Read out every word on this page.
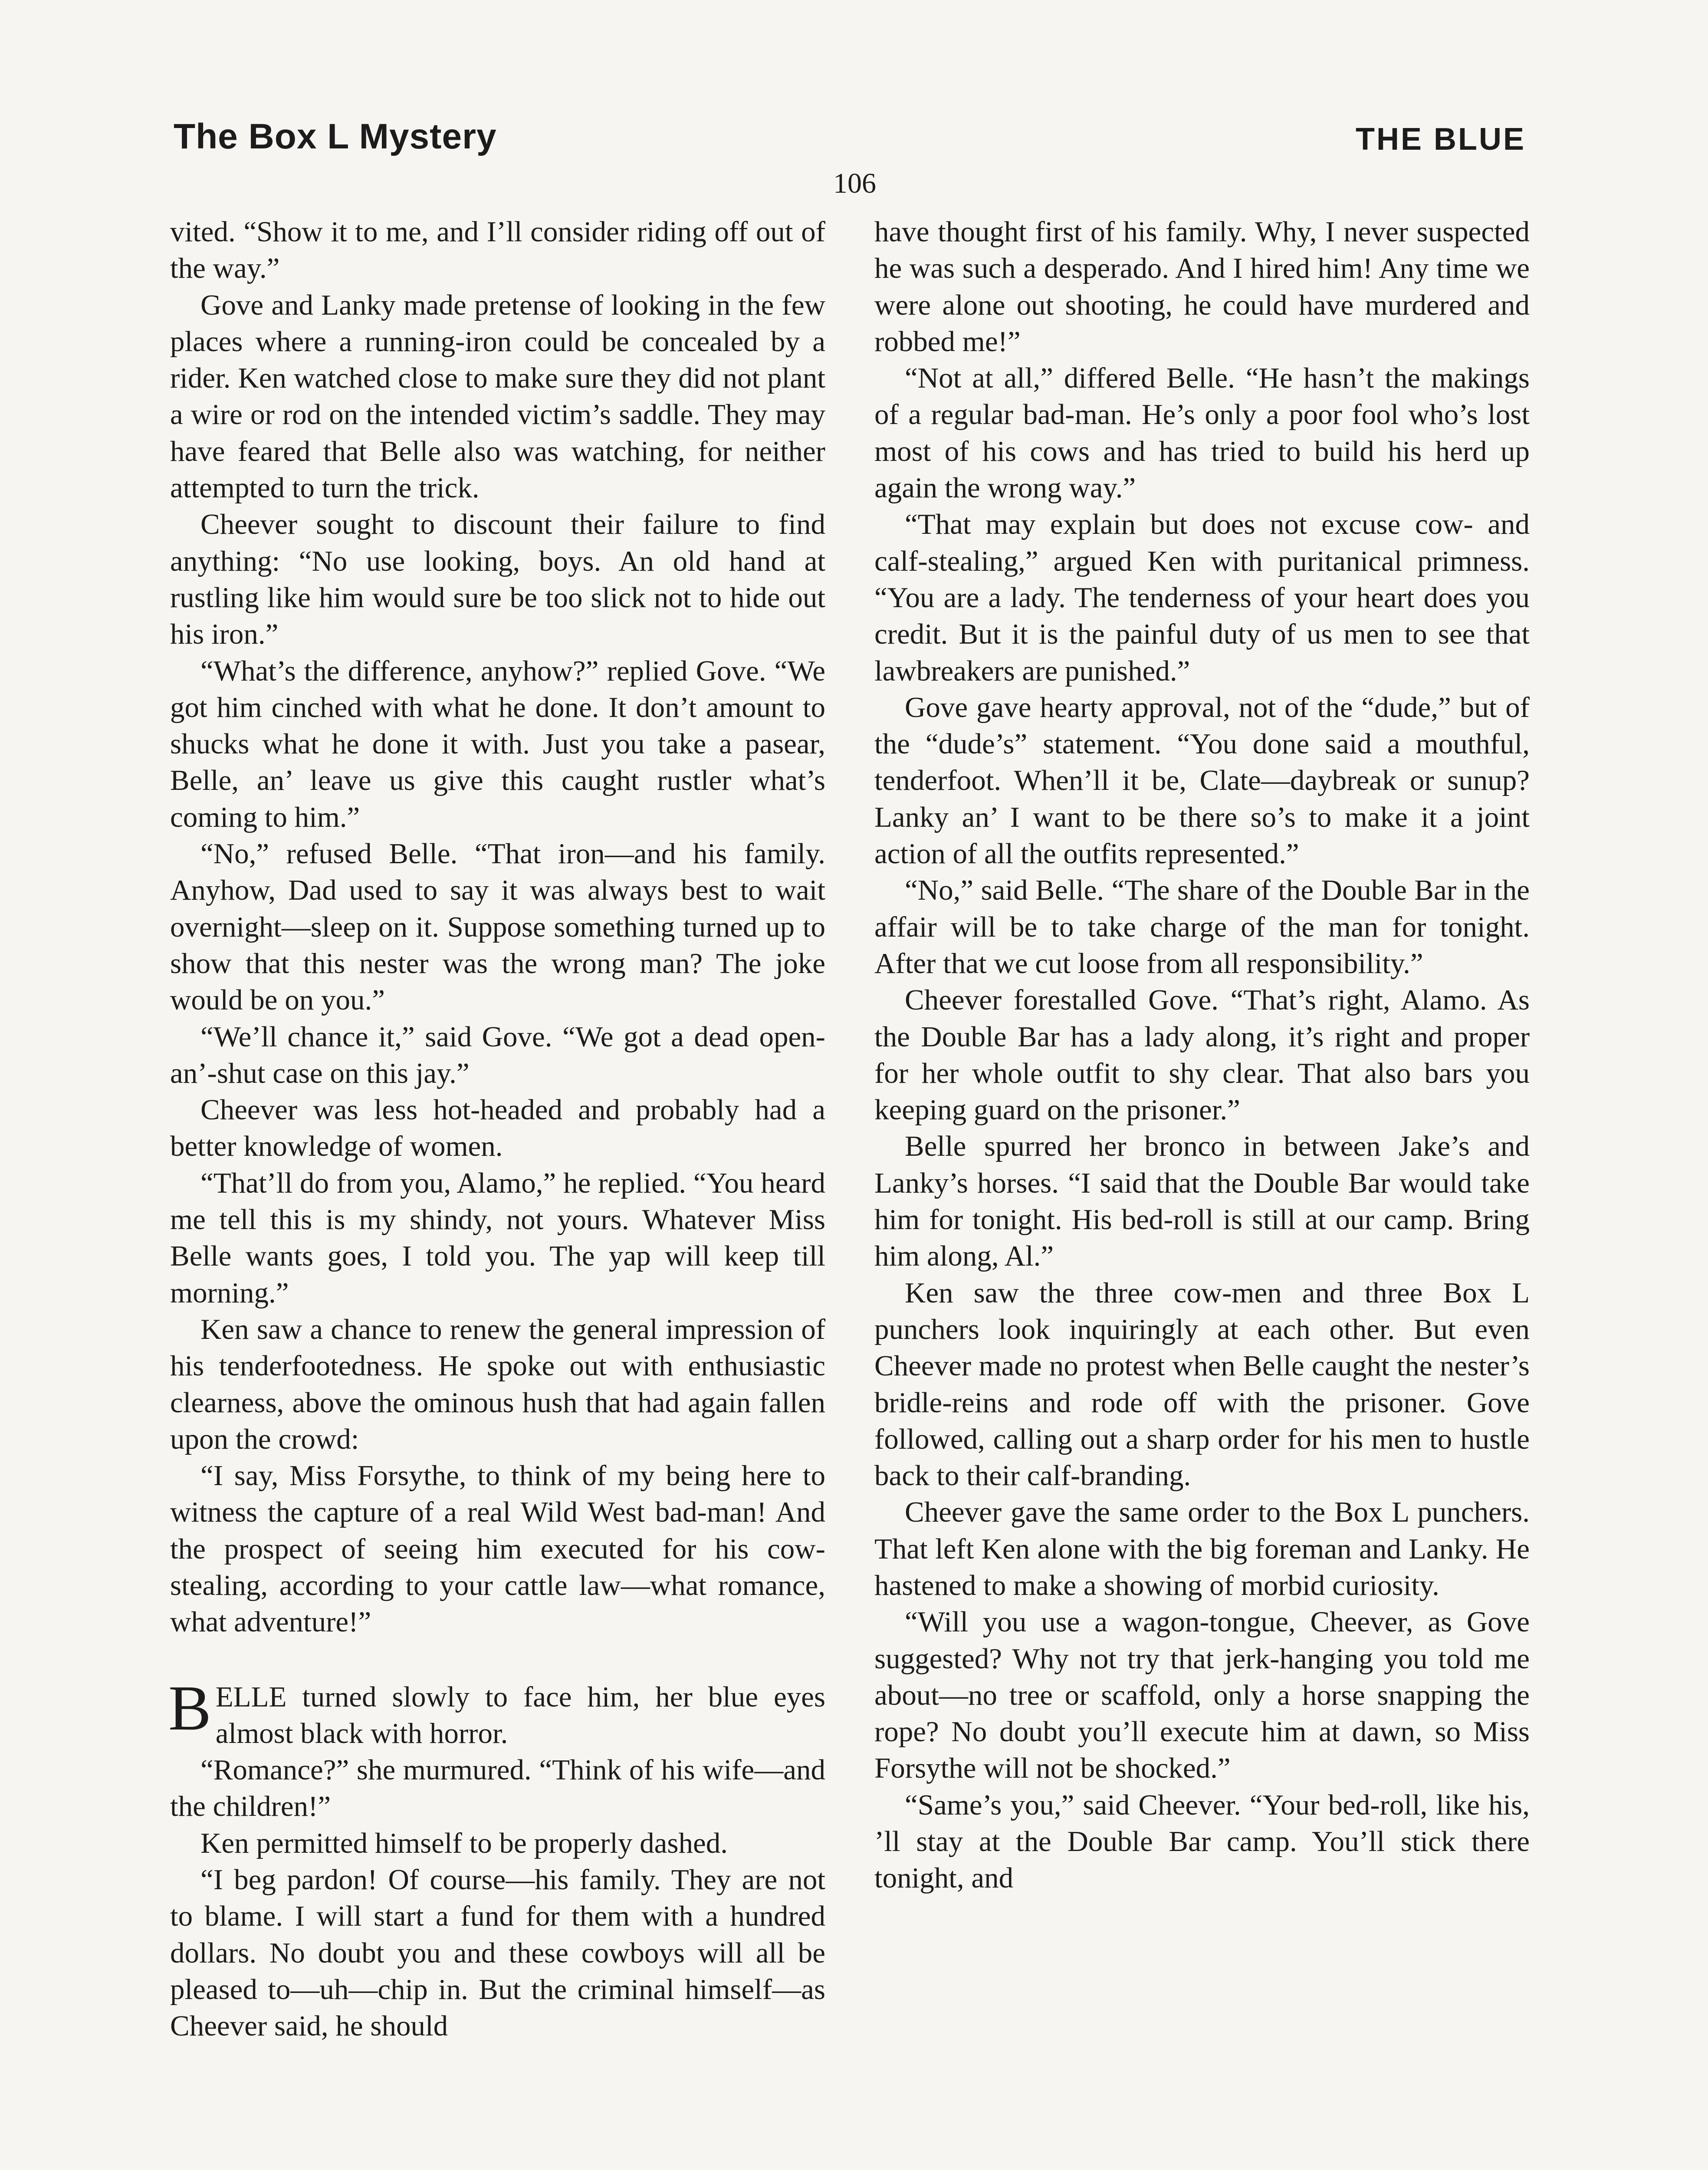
The Box L Mystery	THE BLUE
106

vited. “Show it to me, and I’ll consider riding off out of the way.”

Gove and Lanky made pretense of looking in the few places where a running-iron could be concealed by a rider. Ken watched close to make sure they did not plant a wire or rod on the intended victim’s saddle. They may have feared that Belle also was watching, for neither attempted to turn the trick.

Cheever sought to discount their failure to find anything: “No use looking, boys. An old hand at rustling like him would sure be too slick not to hide out his iron.”

“What’s the difference, anyhow?” replied Gove. “We got him cinched with what he done. It don’t amount to shucks what he done it with. Just you take a pasear, Belle, an’ leave us give this caught rustler what’s coming to him.”

“No,” refused Belle. “That iron—and his family. Anyhow, Dad used to say it was always best to wait overnight—sleep on it. Suppose something turned up to show that this nester was the wrong man? The joke would be on you.”

“We’ll chance it,” said Gove. “We got a dead open-an’-shut case on this jay.”

Cheever was less hot-headed and probably had a better knowledge of women.

“That’ll do from you, Alamo,” he replied. “You heard me tell this is my shindy, not yours. Whatever Miss Belle wants goes, I told you. The yap will keep till morning.”

Ken saw a chance to renew the general impression of his tenderfootedness. He spoke out with enthusiastic clearness, above the ominous hush that had again fallen upon the crowd:

“I say, Miss Forsythe, to think of my being here to witness the capture of a real Wild West bad-man! And the prospect of seeing him executed for his cow-stealing, according to your cattle law—what romance, what adventure!”

BELLE turned slowly to face him, her blue eyes almost black with horror.

“Romance?” she murmured. “Think of his wife—and the children!”

Ken permitted himself to be properly dashed.

“I beg pardon! Of course—his family. They are not to blame. I will start a fund for them with a hundred dollars. No doubt you and these cowboys will all be pleased to—uh—chip in. But the criminal himself—as Cheever said, he should

have thought first of his family. Why, I never suspected he was such a desperado. And I hired him! Any time we were alone out shooting, he could have murdered and robbed me!”

“Not at all,” differed Belle. “He hasn’t the makings of a regular bad-man. He’s only a poor fool who’s lost most of his cows and has tried to build his herd up again the wrong way.”

“That may explain but does not excuse cow- and calf-stealing,” argued Ken with puritanical primness. “You are a lady. The tenderness of your heart does you credit. But it is the painful duty of us men to see that lawbreakers are punished.”

Gove gave hearty approval, not of the “dude,” but of the “dude’s” statement. “You done said a mouthful, tenderfoot. When’ll it be, Clate—daybreak or sunup? Lanky an’ I want to be there so’s to make it a joint action of all the outfits represented.”

“No,” said Belle. “The share of the Double Bar in the affair will be to take charge of the man for tonight. After that we cut loose from all responsibility.”

Cheever forestalled Gove. “That’s right, Alamo. As the Double Bar has a lady along, it’s right and proper for her whole outfit to shy clear. That also bars you keeping guard on the prisoner.”

Belle spurred her bronco in between Jake’s and Lanky’s horses. “I said that the Double Bar would take him for tonight. His bed-roll is still at our camp. Bring him along, Al.”

Ken saw the three cow-men and three Box L punchers look inquiringly at each other. But even Cheever made no protest when Belle caught the nester’s bridle-reins and rode off with the prisoner. Gove followed, calling out a sharp order for his men to hustle back to their calf-branding.

Cheever gave the same order to the Box L punchers. That left Ken alone with the big foreman and Lanky. He hastened to make a showing of morbid curiosity.

“Will you use a wagon-tongue, Cheever, as Gove suggested? Why not try that jerk-hanging you told me about—no tree or scaffold, only a horse snapping the rope? No doubt you’ll execute him at dawn, so Miss Forsythe will not be shocked.”

“Same’s you,” said Cheever. “Your bed-roll, like his, ’ll stay at the Double Bar camp. You’ll stick there tonight, and
